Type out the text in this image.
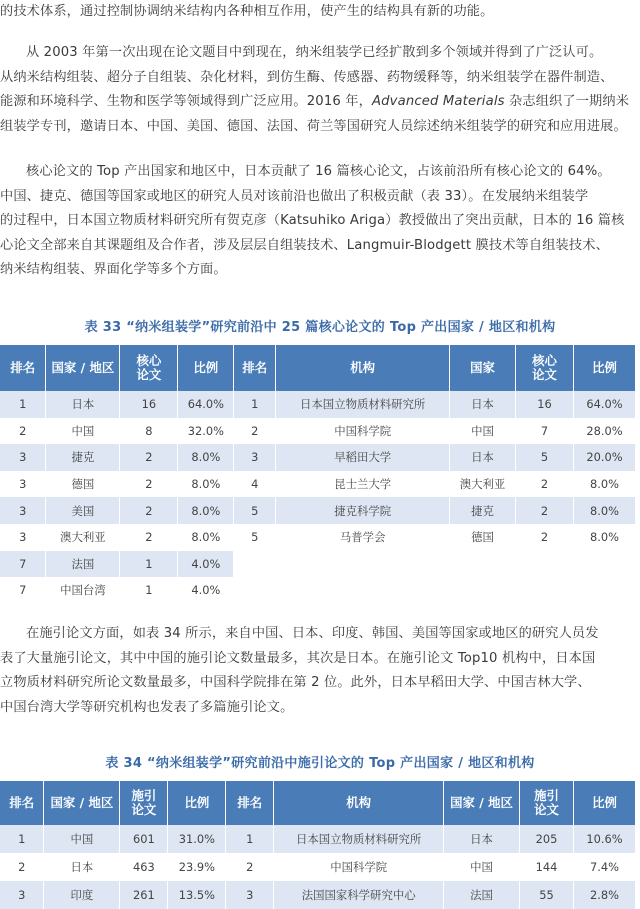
的技术体系，通过控制协调纳米结构内各种相互作用，使产生的结构具有新的功能。
从 2003 年第一次出现在论文题目中到现在，纳米组装学已经扩散到多个领域并得到了广泛认可。
从纳米结构组装、超分子自组装、杂化材料，到仿生酶、传感器、药物缓释等，纳米组装学在器件制造、
能源和环境科学、生物和医学等领域得到广泛应用。2016 年，Advanced Materials 杂志组织了一期纳米
组装学专刊，邀请日本、中国、美国、德国、法国、荷兰等国研究人员综述纳米组装学的研究和应用进展。
核心论文的 Top 产出国家和地区中，日本贡献了 16 篇核心论文，占该前沿所有核心论文的 64%。
中国、捷克、德国等国家或地区的研究人员对该前沿也做出了积极贡献（表 33）。在发展纳米组装学
的过程中，日本国立物质材料研究所有贺克彦（Katsuhiko Ariga）教授做出了突出贡献，日本的 16 篇核
心论文全部来自其课题组及合作者，涉及层层自组装技术、Langmuir-Blodgett 膜技术等自组装技术、
纳米结构组装、界面化学等多个方面。
表 33 “纳米组装学”研究前沿中 25 篇核心论文的 Top 产出国家 / 地区和机构
排名	国家 / 地区	核心
论文	比例	排名	机构	国家	核心
论文	比例
1	日本	16	64.0%	1	日本国立物质材料研究所	日本	16	64.0%
2	中国	8	32.0%	2	中国科学院	中国	7	28.0%
3	捷克	2	8.0%	3	早稻田大学	日本	5	20.0%
3	德国	2	8.0%	4	昆士兰大学	澳大利亚	2	8.0%
3	美国	2	8.0%	5	捷克科学院	捷克	2	8.0%
3	澳大利亚	2	8.0%	5	马普学会	德国	2	8.0%
7	法国	1	4.0%					
7	中国台湾	1	4.0%					
在施引论文方面，如表 34 所示，来自中国、日本、印度、韩国、美国等国家或地区的研究人员发
表了大量施引论文，其中中国的施引论文数量最多，其次是日本。在施引论文 Top10 机构中，日本国
立物质材料研究所论文数量最多，中国科学院排在第 2 位。此外，日本早稻田大学、中国吉林大学、
中国台湾大学等研究机构也发表了多篇施引论文。
表 34 “纳米组装学”研究前沿中施引论文的 Top 产出国家 / 地区和机构
排名	国家 / 地区	施引
论文	比例	排名	机构	国家 / 地区	施引
论文	比例
1	中国	601	31.0%	1	日本国立物质材料研究所	日本	205	10.6%
2	日本	463	23.9%	2	中国科学院	中国	144	7.4%
3	印度	261	13.5%	3	法国国家科学研究中心	法国	55	2.8%
